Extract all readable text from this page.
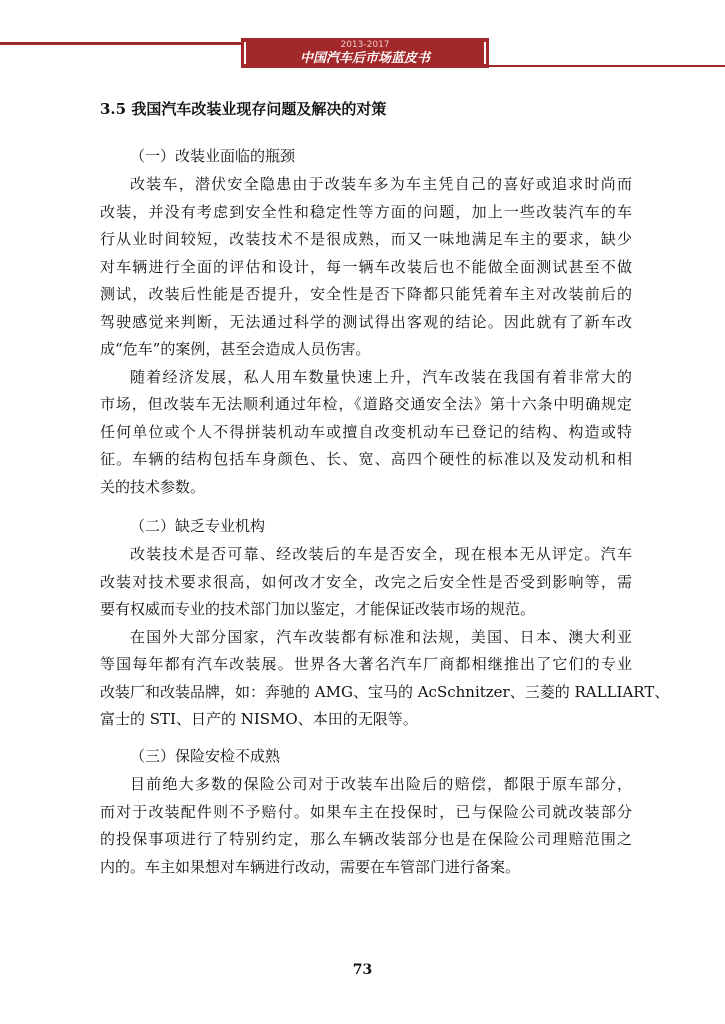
2013-2017
中国汽车后市场蓝皮书
3.5 我国汽车改装业现存问题及解决的对策
（一）改装业面临的瓶颈
改装车，潜伏安全隐患由于改装车多为车主凭自己的喜好或追求时尚而
改装，并没有考虑到安全性和稳定性等方面的问题，加上一些改装汽车的车
行从业时间较短，改装技术不是很成熟，而又一味地满足车主的要求，缺少
对车辆进行全面的评估和设计，每一辆车改装后也不能做全面测试甚至不做
测试，改装后性能是否提升，安全性是否下降都只能凭着车主对改装前后的
驾驶感觉来判断，无法通过科学的测试得出客观的结论。因此就有了新车改
成“危车”的案例，甚至会造成人员伤害。
随着经济发展，私人用车数量快速上升，汽车改装在我国有着非常大的
市场，但改装车无法顺利通过年检，《道路交通安全法》第十六条中明确规定
任何单位或个人不得拼装机动车或擅自改变机动车已登记的结构、构造或特
征。车辆的结构包括车身颜色、长、宽、高四个硬性的标准以及发动机和相
关的技术参数。
（二）缺乏专业机构
改装技术是否可靠、经改装后的车是否安全，现在根本无从评定。汽车
改装对技术要求很高，如何改才安全，改完之后安全性是否受到影响等，需
要有权威而专业的技术部门加以鉴定，才能保证改装市场的规范。
在国外大部分国家，汽车改装都有标准和法规，美国、日本、澳大利亚
等国每年都有汽车改装展。世界各大著名汽车厂商都相继推出了它们的专业
改装厂和改装品牌，如：奔驰的 AMG、宝马的 AcSchnitzer、三菱的 RALLIART、
富士的 STI、日产的 NISMO、本田的无限等。
（三）保险安检不成熟
目前绝大多数的保险公司对于改装车出险后的赔偿，都限于原车部分，
而对于改装配件则不予赔付。如果车主在投保时，已与保险公司就改装部分
的投保事项进行了特别约定，那么车辆改装部分也是在保险公司理赔范围之
内的。车主如果想对车辆进行改动，需要在车管部门进行备案。
73
